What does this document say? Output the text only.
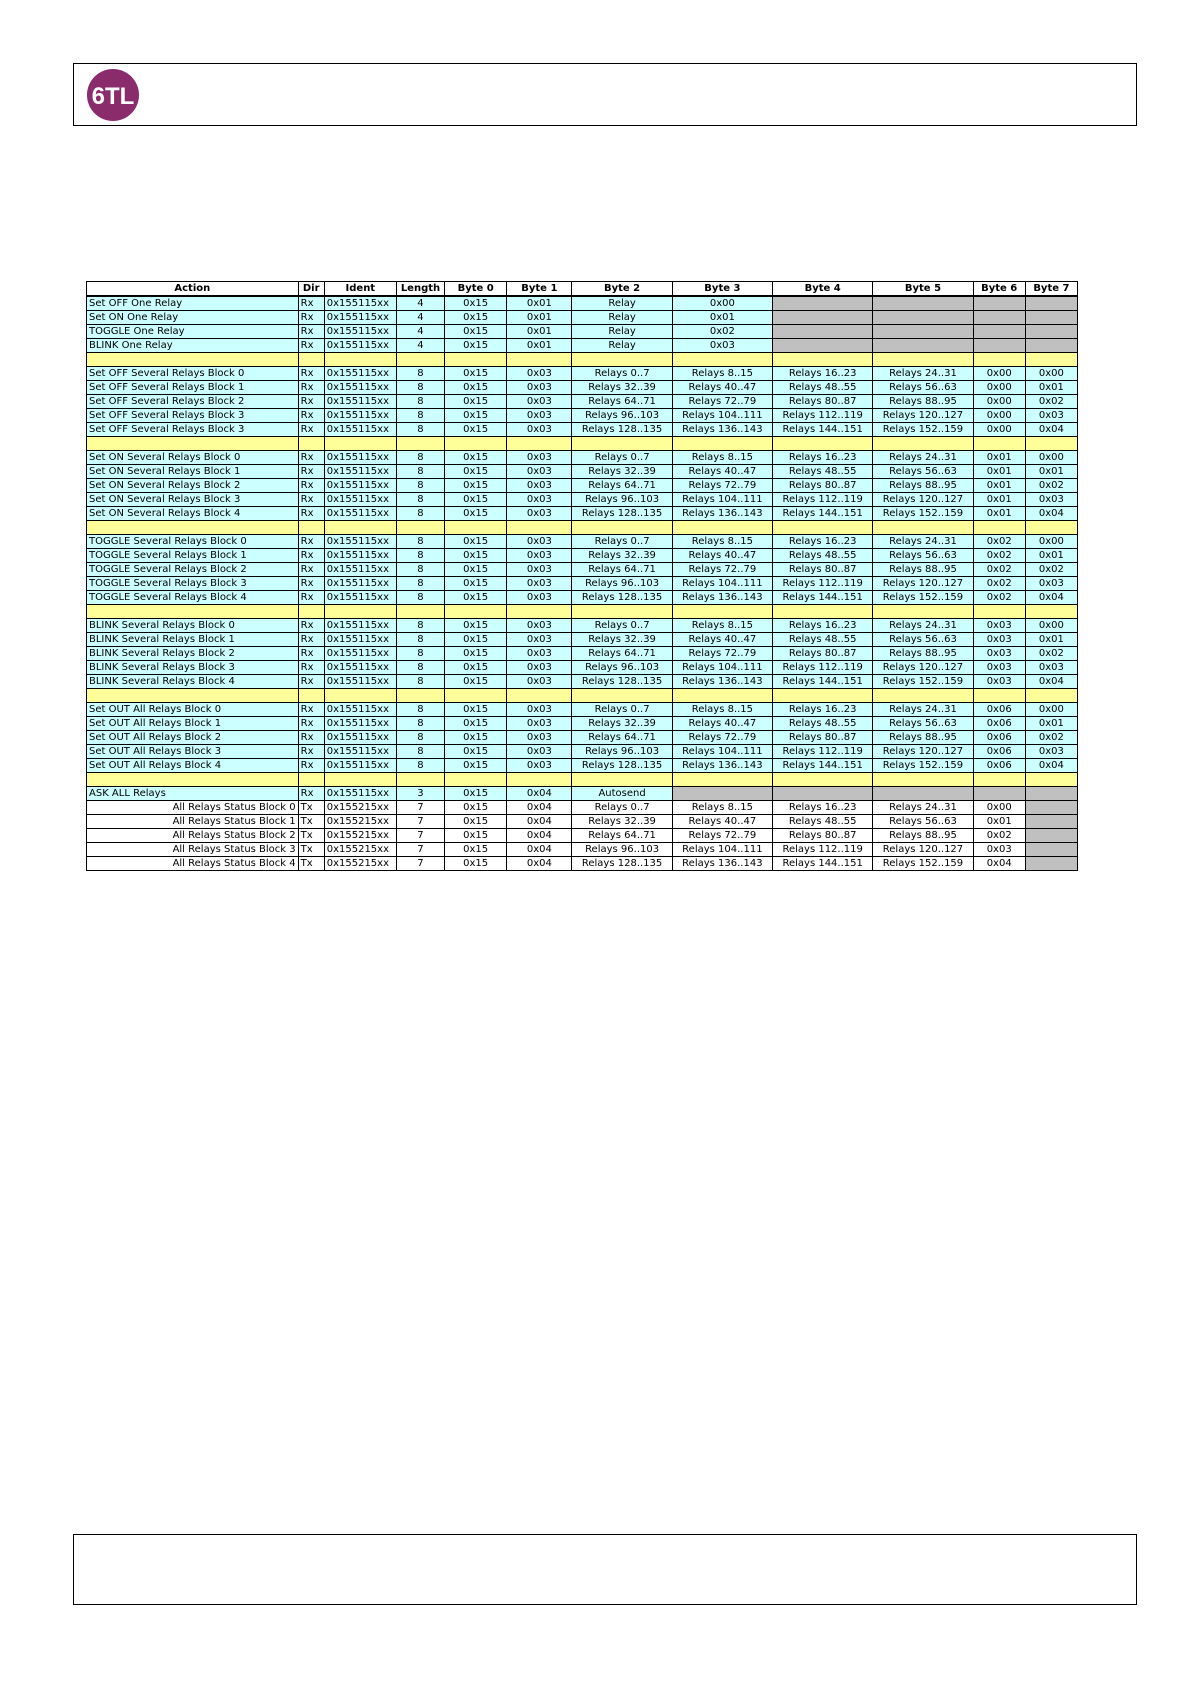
6TL
Action	Dir	Ident	Length	Byte 0	Byte 1	Byte 2	Byte 3	Byte 4	Byte 5	Byte 6	Byte 7
Set OFF One Relay	Rx	0x155115xx	4	0x15	0x01	Relay	0x00				
Set ON One Relay	Rx	0x155115xx	4	0x15	0x01	Relay	0x01				
TOGGLE One Relay	Rx	0x155115xx	4	0x15	0x01	Relay	0x02				
BLINK One Relay	Rx	0x155115xx	4	0x15	0x01	Relay	0x03				

Set OFF Several Relays Block 0	Rx	0x155115xx	8	0x15	0x03	Relays 0..7	Relays 8..15	Relays 16..23	Relays 24..31	0x00	0x00
Set OFF Several Relays Block 1	Rx	0x155115xx	8	0x15	0x03	Relays 32..39	Relays 40..47	Relays 48..55	Relays 56..63	0x00	0x01
Set OFF Several Relays Block 2	Rx	0x155115xx	8	0x15	0x03	Relays 64..71	Relays 72..79	Relays 80..87	Relays 88..95	0x00	0x02
Set OFF Several Relays Block 3	Rx	0x155115xx	8	0x15	0x03	Relays 96..103	Relays 104..111	Relays 112..119	Relays 120..127	0x00	0x03
Set OFF Several Relays Block 3	Rx	0x155115xx	8	0x15	0x03	Relays 128..135	Relays 136..143	Relays 144..151	Relays 152..159	0x00	0x04

Set ON Several Relays Block 0	Rx	0x155115xx	8	0x15	0x03	Relays 0..7	Relays 8..15	Relays 16..23	Relays 24..31	0x01	0x00
Set ON Several Relays Block 1	Rx	0x155115xx	8	0x15	0x03	Relays 32..39	Relays 40..47	Relays 48..55	Relays 56..63	0x01	0x01
Set ON Several Relays Block 2	Rx	0x155115xx	8	0x15	0x03	Relays 64..71	Relays 72..79	Relays 80..87	Relays 88..95	0x01	0x02
Set ON Several Relays Block 3	Rx	0x155115xx	8	0x15	0x03	Relays 96..103	Relays 104..111	Relays 112..119	Relays 120..127	0x01	0x03
Set ON Several Relays Block 4	Rx	0x155115xx	8	0x15	0x03	Relays 128..135	Relays 136..143	Relays 144..151	Relays 152..159	0x01	0x04

TOGGLE Several Relays Block 0	Rx	0x155115xx	8	0x15	0x03	Relays 0..7	Relays 8..15	Relays 16..23	Relays 24..31	0x02	0x00
TOGGLE Several Relays Block 1	Rx	0x155115xx	8	0x15	0x03	Relays 32..39	Relays 40..47	Relays 48..55	Relays 56..63	0x02	0x01
TOGGLE Several Relays Block 2	Rx	0x155115xx	8	0x15	0x03	Relays 64..71	Relays 72..79	Relays 80..87	Relays 88..95	0x02	0x02
TOGGLE Several Relays Block 3	Rx	0x155115xx	8	0x15	0x03	Relays 96..103	Relays 104..111	Relays 112..119	Relays 120..127	0x02	0x03
TOGGLE Several Relays Block 4	Rx	0x155115xx	8	0x15	0x03	Relays 128..135	Relays 136..143	Relays 144..151	Relays 152..159	0x02	0x04

BLINK Several Relays Block 0	Rx	0x155115xx	8	0x15	0x03	Relays 0..7	Relays 8..15	Relays 16..23	Relays 24..31	0x03	0x00
BLINK Several Relays Block 1	Rx	0x155115xx	8	0x15	0x03	Relays 32..39	Relays 40..47	Relays 48..55	Relays 56..63	0x03	0x01
BLINK Several Relays Block 2	Rx	0x155115xx	8	0x15	0x03	Relays 64..71	Relays 72..79	Relays 80..87	Relays 88..95	0x03	0x02
BLINK Several Relays Block 3	Rx	0x155115xx	8	0x15	0x03	Relays 96..103	Relays 104..111	Relays 112..119	Relays 120..127	0x03	0x03
BLINK Several Relays Block 4	Rx	0x155115xx	8	0x15	0x03	Relays 128..135	Relays 136..143	Relays 144..151	Relays 152..159	0x03	0x04

Set OUT All Relays Block 0	Rx	0x155115xx	8	0x15	0x03	Relays 0..7	Relays 8..15	Relays 16..23	Relays 24..31	0x06	0x00
Set OUT All Relays Block 1	Rx	0x155115xx	8	0x15	0x03	Relays 32..39	Relays 40..47	Relays 48..55	Relays 56..63	0x06	0x01
Set OUT All Relays Block 2	Rx	0x155115xx	8	0x15	0x03	Relays 64..71	Relays 72..79	Relays 80..87	Relays 88..95	0x06	0x02
Set OUT All Relays Block 3	Rx	0x155115xx	8	0x15	0x03	Relays 96..103	Relays 104..111	Relays 112..119	Relays 120..127	0x06	0x03
Set OUT All Relays Block 4	Rx	0x155115xx	8	0x15	0x03	Relays 128..135	Relays 136..143	Relays 144..151	Relays 152..159	0x06	0x04

ASK ALL Relays	Rx	0x155115xx	3	0x15	0x04	Autosend					
All Relays Status Block 0	Tx	0x155215xx	7	0x15	0x04	Relays 0..7	Relays 8..15	Relays 16..23	Relays 24..31	0x00	
All Relays Status Block 1	Tx	0x155215xx	7	0x15	0x04	Relays 32..39	Relays 40..47	Relays 48..55	Relays 56..63	0x01	
All Relays Status Block 2	Tx	0x155215xx	7	0x15	0x04	Relays 64..71	Relays 72..79	Relays 80..87	Relays 88..95	0x02	
All Relays Status Block 3	Tx	0x155215xx	7	0x15	0x04	Relays 96..103	Relays 104..111	Relays 112..119	Relays 120..127	0x03	
All Relays Status Block 4	Tx	0x155215xx	7	0x15	0x04	Relays 128..135	Relays 136..143	Relays 144..151	Relays 152..159	0x04	
